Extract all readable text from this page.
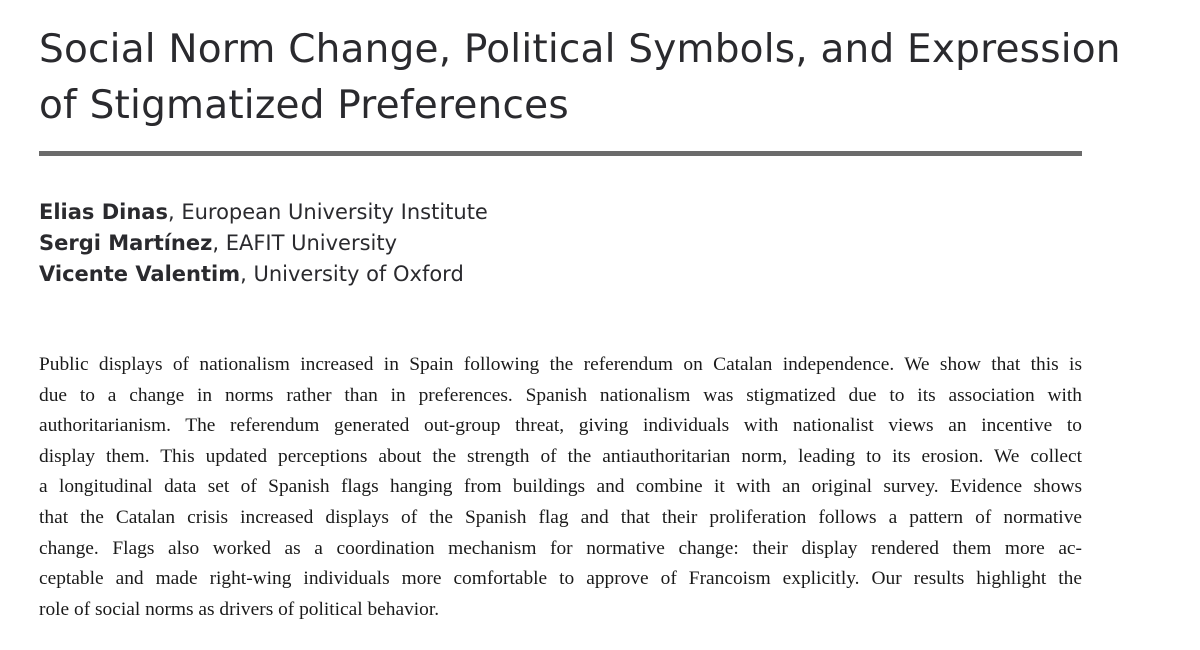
Social Norm Change, Political Symbols, and Expression
of Stigmatized Preferences
Elias Dinas, European University Institute
Sergi Martínez, EAFIT University
Vicente Valentim, University of Oxford

Public displays of nationalism increased in Spain following the referendum on Catalan independence. We show that this is
due to a change in norms rather than in preferences. Spanish nationalism was stigmatized due to its association with
authoritarianism. The referendum generated out-group threat, giving individuals with nationalist views an incentive to
display them. This updated perceptions about the strength of the antiauthoritarian norm, leading to its erosion. We collect
a longitudinal data set of Spanish flags hanging from buildings and combine it with an original survey. Evidence shows
that the Catalan crisis increased displays of the Spanish flag and that their proliferation follows a pattern of normative
change. Flags also worked as a coordination mechanism for normative change: their display rendered them more ac-
ceptable and made right-wing individuals more comfortable to approve of Francoism explicitly. Our results highlight the
role of social norms as drivers of political behavior.
